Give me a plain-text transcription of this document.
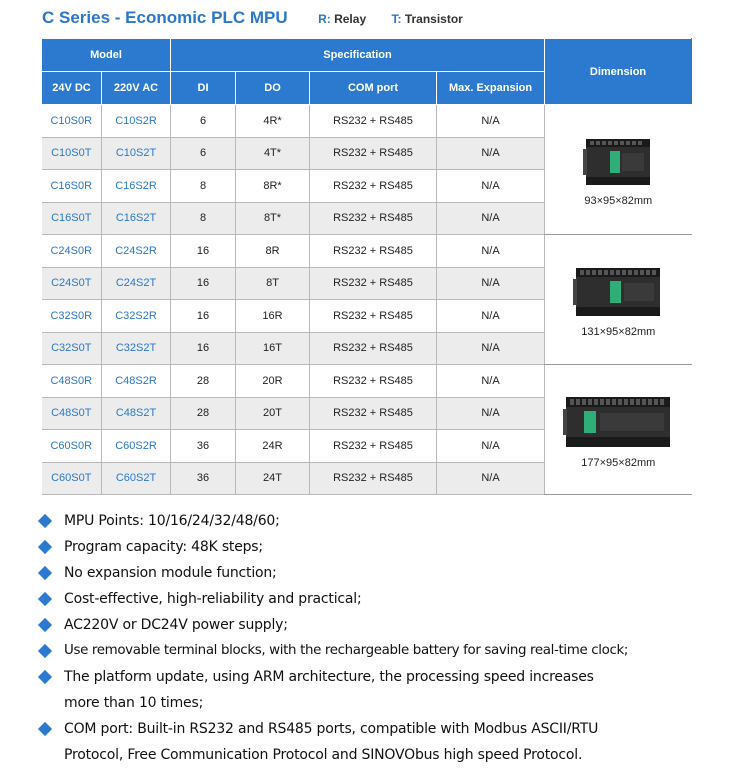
C Series - Economic PLC MPU	R: Relay T: Transistor
Model		Specification				Dimension
24V DC	220V AC	DI	DO	COM port	Max. Expansion	
C10S0R	C10S2R	6	4R*	RS232 + RS485	N/A	93×95×82mm
C10S0T	C10S2T	6	4T*	RS232 + RS485	N/A	
C16S0R	C16S2R	8	8R*	RS232 + RS485	N/A	
C16S0T	C16S2T	8	8T*	RS232 + RS485	N/A	
C24S0R	C24S2R	16	8R	RS232 + RS485	N/A	131×95×82mm
C24S0T	C24S2T	16	8T	RS232 + RS485	N/A	
C32S0R	C32S2R	16	16R	RS232 + RS485	N/A	
C32S0T	C32S2T	16	16T	RS232 + RS485	N/A	
C48S0R	C48S2R	28	20R	RS232 + RS485	N/A	177×95×82mm
C48S0T	C48S2T	28	20T	RS232 + RS485	N/A	
C60S0R	C60S2R	36	24R	RS232 + RS485	N/A	
C60S0T	C60S2T	36	24T	RS232 + RS485	N/A	
MPU Points: 10/16/24/32/48/60;
Program capacity: 48K steps;
No expansion module function;
Cost-effective, high-reliability and practical;
AC220V or DC24V power supply;
Use removable terminal blocks, with the rechargeable battery for saving real-time clock;
The platform update, using ARM architecture, the processing speed increases
more than 10 times;
COM port: Built-in RS232 and RS485 ports, compatible with Modbus ASCII/RTU
Protocol, Free Communication Protocol and SINOVObus high speed Protocol.
